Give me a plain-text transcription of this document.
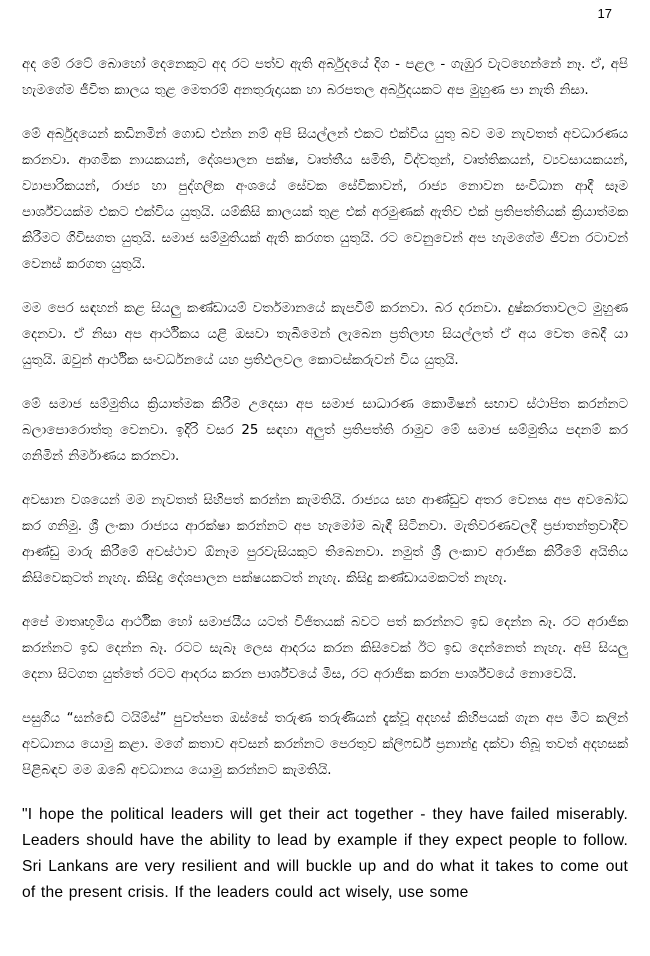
17

අද මේ රටේ බොහෝ දෙනෙකුට අද රට පත්ව ඇති අර්බුදයේ දිග - පළල - ගැඹුර වැටහෙන්නේ නෑ. ඒ, අපි හැමගේම ජීවිත කාලය තුළ මෙතරම් අනතුරුදායක හා බරපතල අර්බුදයකට අප මුහුණ පා නැති නිසා.

මේ අර්බුදයෙන් කඩිනමින් ගොඩ එන්න නම් අපි සියල්ලන් එකට එක්විය යුතු බව මම නැවතත් අවධාරණය කරනවා. ආගමික නායකයන්, දේශපාලන පක්ෂ, වෘත්තීය සමිති, විද්වතුන්, වෘත්තිකයන්, ව්‍යවසායකයන්, ව්‍යාපාරිකයන්, රාජ්‍ය හා පුද්ගලික අංශයේ සේවක සේවිකාවන්, රාජ්‍ය නොවන සංවිධාන ආදී සෑම පාර්ශ්වයක්ම එකට එක්විය යුතුයි. යම්කිසි කාලයක් තුළ එක් අරමුණක් ඇතිව එක් ප්‍රතිපත්තියක් ක්‍රියාත්මක කිරීමට ගිවිසගත යුතුයි. සමාජ සම්මුතියක් ඇති කරගත යුතුයි. රට වෙනුවෙන් අප හැමගේම ජීවන රටාවන් වෙනස් කරගත යුතුයි.

මම පෙර සඳහන් කළ සියලු කණ්ඩායම් වර්තමානයේ කැපවීම් කරනවා. බර දරනවා. දුෂ්කරතාවලට මුහුණ දෙනවා. ඒ නිසා අප ආර්ථිකය යළි ඔසවා තැබීමෙන් ලැබෙන ප්‍රතිලාභ සියල්ලත් ඒ අය වෙත බෙදී යා යුතුයි. ඔවුන් ආර්ථික සංවර්ධනයේ යහ ප්‍රතිඵලවල කොටස්කරුවන් විය යුතුයි.

මේ සමාජ සම්මුතිය ක්‍රියාත්මක කිරීම උදෙසා අප සමාජ සාධාරණ කොමිෂන් සභාව ස්ථාපිත කරන්නට බලාපොරොත්තු වෙනවා. ඉදිරි වසර 25 සඳහා අලුත් ප්‍රතිපත්ති රාමුව මේ සමාජ සම්මුතිය පදනම් කර ගනිමින් නිර්මාණය කරනවා.

අවසාන වශයෙන් මම නැවතත් සිහිපත් කරන්න කැමතියි. රාජ්‍යය සහ ආණ්ඩුව අතර වෙනස අප අවබෝධ කර ගනිමු. ශ්‍රී ලංකා රාජ්‍යය ආරක්ෂා කරන්නට අප හැමෝම බැඳී සිටිනවා. මැතිවරණවලදී ප්‍රජාතන්ත්‍රවාදීව ආණ්ඩු මාරු කිරීමේ අවස්ථාව ඕනෑම පුරවැසියකුට තිබෙනවා. නමුත් ශ්‍රී ලංකාව අරාජික කිරීමේ අයිතිය කිසිවෙකුටත් නැහැ. කිසිදු දේශපාලන පක්ෂයකටත් නැහැ. කිසිදු කණ්ඩායමකටත් නැහැ.

අපේ මාතෘභූමිය ආර්ථික හෝ සමාජයීය යටත් විජිතයක් බවට පත් කරන්නට ඉඩ දෙන්න බෑ. රට අරාජික කරන්නට ඉඩ දෙන්න බෑ. රටට සැබෑ ලෙස ආදරය කරන කිසිවෙක් ඊට ඉඩ දෙන්නෙත් නැහැ. අපි සියලු දෙනා සිටගත යුත්තේ රටට ආදරය කරන පාර්ශ්වයේ මිස, රට අරාජික කරන පාර්ශ්වයේ නොවෙයි.

පසුගිය “සන්ඬේ ටයිම්ස්” පුවත්පත ඔස්සේ තරුණ තරුණියන් දැක්වූ අදහස් කිහිපයක් ගැන අප මීට කලින් අවධානය යොමු කළා. මගේ කතාව අවසන් කරන්නට පෙරතුව ක්ලිෆර්ඩ් ප්‍රනාන්දු දක්වා තිබූ තවත් අදහසක් පිළිබඳව මම ඔබේ අවධානය යොමු කරන්නට කැමතියි.

"I hope the political leaders will get their act together - they have failed miserably. Leaders should have the ability to lead by example if they expect people to follow. Sri Lankans are very resilient and will buckle up and do what it takes to come out of the present crisis. If the leaders could act wisely, use some
